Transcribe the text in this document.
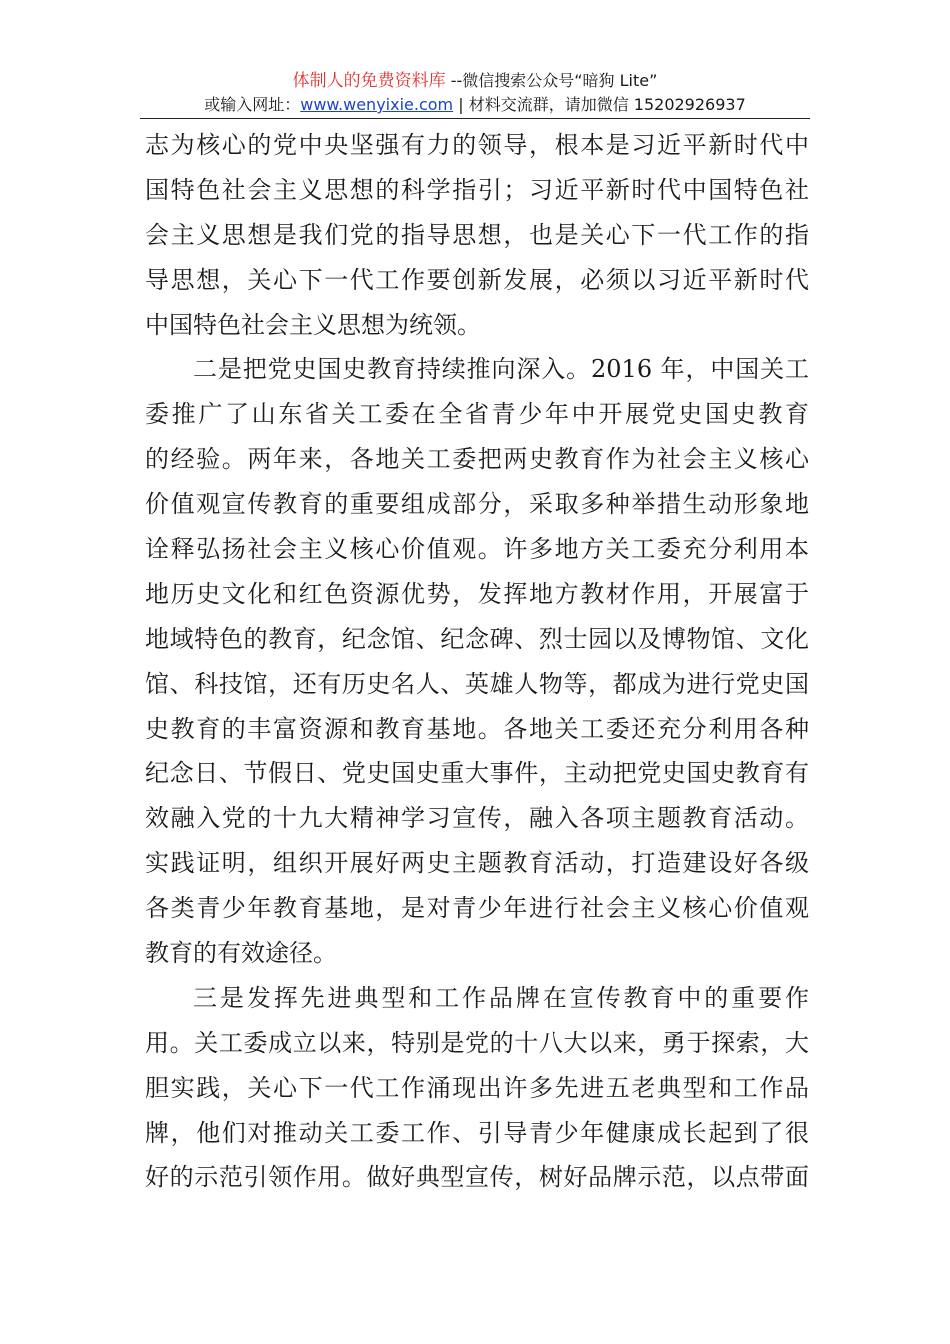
体制人的免费资料库 --微信搜索公众号“暗狗 Lite”
或输入网址：www.wenyixie.com | 材料交流群，请加微信 15202926937
志为核心的党中央坚强有力的领导，根本是习近平新时代中
国特色社会主义思想的科学指引；习近平新时代中国特色社
会主义思想是我们党的指导思想，也是关心下一代工作的指
导思想，关心下一代工作要创新发展，必须以习近平新时代
中国特色社会主义思想为统领。
二是把党史国史教育持续推向深入。2016 年，中国关工
委推广了山东省关工委在全省青少年中开展党史国史教育
的经验。两年来，各地关工委把两史教育作为社会主义核心
价值观宣传教育的重要组成部分，采取多种举措生动形象地
诠释弘扬社会主义核心价值观。许多地方关工委充分利用本
地历史文化和红色资源优势，发挥地方教材作用，开展富于
地域特色的教育，纪念馆、纪念碑、烈士园以及博物馆、文化
馆、科技馆，还有历史名人、英雄人物等，都成为进行党史国
史教育的丰富资源和教育基地。各地关工委还充分利用各种
纪念日、节假日、党史国史重大事件，主动把党史国史教育有
效融入党的十九大精神学习宣传，融入各项主题教育活动。
实践证明，组织开展好两史主题教育活动，打造建设好各级
各类青少年教育基地，是对青少年进行社会主义核心价值观
教育的有效途径。
三是发挥先进典型和工作品牌在宣传教育中的重要作
用。关工委成立以来，特别是党的十八大以来，勇于探索，大
胆实践，关心下一代工作涌现出许多先进五老典型和工作品
牌，他们对推动关工委工作、引导青少年健康成长起到了很
好的示范引领作用。做好典型宣传，树好品牌示范，以点带面
